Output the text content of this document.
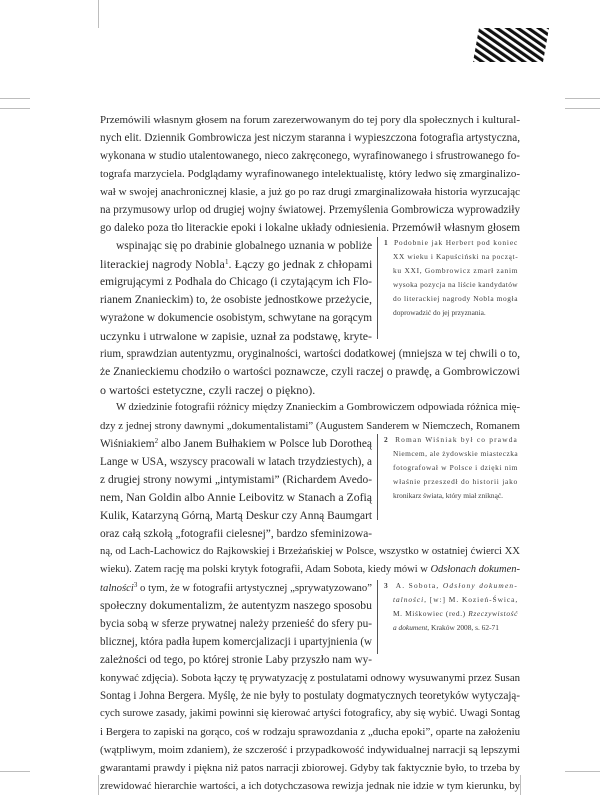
Przemówili własnym głosem na forum zarezerwowanym do tej pory dla społecznych i kultural-
nych elit. Dziennik Gombrowicza jest niczym staranna i wypieszczona fotografia artystyczna,
wykonana w studio utalentowanego, nieco zakręconego, wyrafinowanego i sfrustrowanego fo-
tografa marzyciela. Podglądamy wyrafinowanego intelektualistę, który ledwo się zmarginalizo-
wał w swojej anachronicznej klasie, a już go po raz drugi zmarginalizowała historia wyrzucając
na przymusowy urlop od drugiej wojny światowej. Przemyślenia Gombrowicza wyprowadziły
go daleko poza tło literackie epoki i lokalne układy odniesienia. Przemówił własnym głosem
wspinając się po drabinie globalnego uznania w pobliże
literackiej nagrody Nobla$^1$. Łączy go jednak z chłopami
emigrującymi z Podhala do Chicago (i czytającym ich Flo-
rianem Znanieckim) to, że osobiste jednostkowe przeżycie,
wyrażone w dokumencie osobistym, schwytane na gorącym
uczynku i utrwalone w zapisie, uznał za podstawę, kryte-
rium, sprawdzian autentyzmu, oryginalności, wartości dodatkowej (mniejsza w tej chwili o to,
że Znanieckiemu chodziło o wartości poznawcze, czyli raczej o prawdę, a Gombrowiczowi
o wartości estetyczne, czyli raczej o piękno).
W dziedzinie fotografii różnicy między Znanieckim a Gombrowiczem odpowiada różnica mię-
dzy z jednej strony dawnymi „dokumentalistami” (Augustem Sanderem w Niemczech, Romanem
Wiśniakiem$^2$ albo Janem Bułhakiem w Polsce lub Dorotheą
Lange w USA, wszyscy pracowali w latach trzydziestych), a
z drugiej strony nowymi „intymistami” (Richardem Avedo-
nem, Nan Goldin albo Annie Leibovitz w Stanach a Zofią
Kulik, Katarzyną Górną, Martą Deskur czy Anną Baumgart
oraz całą szkołą „fotografii cielesnej”, bardzo sfeminizowa-
ną, od Lach-Lachowicz do Rajkowskiej i Brzeżańskiej w Polsce, wszystko w ostatniej ćwierci XX
wieku). Zatem rację ma polski krytyk fotografii, Adam Sobota, kiedy mówi w Odsłonach dokumen-
talności$^3$ o tym, że w fotografii artystycznej „sprywatyzowano”
społeczny dokumentalizm, że autentyzm naszego sposobu
bycia sobą w sferze prywatnej należy przenieść do sfery pu-
blicznej, która padła łupem komercjalizacji i upartyjnienia (w
zależności od tego, po której stronie Laby przyszło nam wy-
konywać zdjęcia). Sobota łączy tę prywatyzację z postulatami odnowy wysuwanymi przez Susan
Sontag i Johna Bergera. Myślę, że nie były to postulaty dogmatycznych teoretyków wytyczają-
cych surowe zasady, jakimi powinni się kierować artyści fotograficy, aby się wybić. Uwagi Sontag
i Bergera to zapiski na gorąco, coś w rodzaju sprawozdania z „ducha epoki”, oparte na założeniu
(wątpliwym, moim zdaniem), że szczerość i przypadkowość indywidualnej narracji są lepszymi
gwarantami prawdy i piękna niż patos narracji zbiorowej. Gdyby tak faktycznie było, to trzeba by
zrewidować hierarchie wartości, a ich dotychczasowa rewizja jednak nie idzie w tym kierunku, by
1 Podobnie jak Herbert pod koniec
XX wieku i Kapuściński na począt-
ku XXI, Gombrowicz zmarł zanim
wysoka pozycja na liście kandydatów
do literackiej nagrody Nobla mogła
doprowadzić do jej przyznania.
2 Roman Wiśniak był co prawda
Niemcem, ale żydowskie miasteczka
fotografował w Polsce i dzięki nim
właśnie przeszedł do historii jako
kronikarz świata, który miał zniknąć.
3 A. Sobota, Odsłony dokumen-
talności, [w:] M. Kozień-Świca,
M. Miśkowiec (red.) Rzeczywistość
a dokument, Kraków 2008, s. 62-71
